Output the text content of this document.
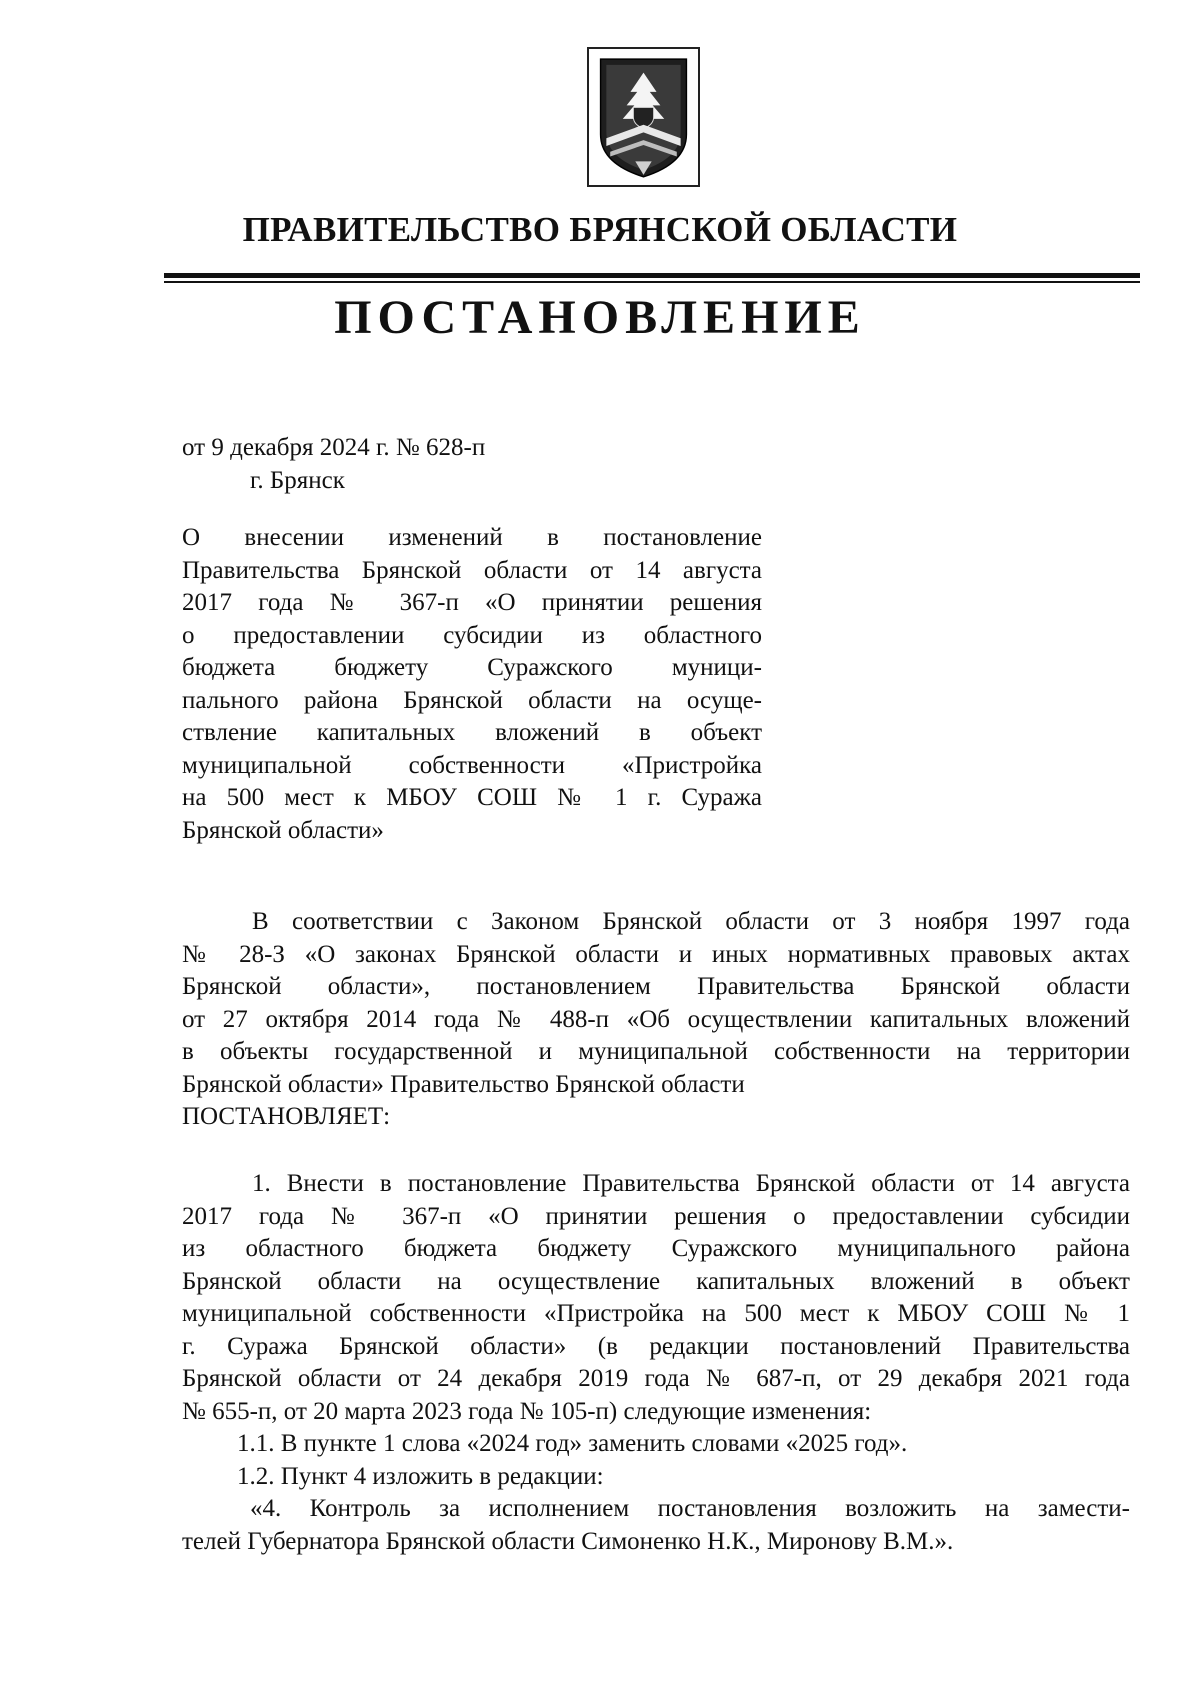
ПРАВИТЕЛЬСТВО БРЯНСКОЙ ОБЛАСТИ
ПОСТАНОВЛЕНИЕ

от 9 декабря 2024 г. № 628-п

г. Брянск

О внесении изменений в постановление
Правительства Брянской области от 14 августа
2017 года № 367-п «О принятии решения
о предоставлении субсидии из областного
бюджета бюджету Суражского муници-
пального района Брянской области на осуще-
ствление капитальных вложений в объект
муниципальной собственности «Пристройка
на 500 мест к МБОУ СОШ № 1 г. Суража
Брянской области»
В соответствии с Законом Брянской области от 3 ноября 1997 года
№ 28-З «О законах Брянской области и иных нормативных правовых актах
Брянской области», постановлением Правительства Брянской области
от 27 октября 2014 года № 488-п «Об осуществлении капитальных вложений
в объекты государственной и муниципальной собственности на территории
Брянской области» Правительство Брянской области
ПОСТАНОВЛЯЕТ:
1. Внести в постановление Правительства Брянской области от 14 августа
2017 года № 367-п «О принятии решения о предоставлении субсидии
из областного бюджета бюджету Суражского муниципального района
Брянской области на осуществление капитальных вложений в объект
муниципальной собственности «Пристройка на 500 мест к МБОУ СОШ № 1
г. Суража Брянской области» (в редакции постановлений Правительства
Брянской области от 24 декабря 2019 года № 687-п, от 29 декабря 2021 года
№ 655-п, от 20 марта 2023 года № 105-п) следующие изменения:
1.1. В пункте 1 слова «2024 год» заменить словами «2025 год».
1.2. Пункт 4 изложить в редакции:
«4. Контроль за исполнением постановления возложить на замести-
телей Губернатора Брянской области Симоненко Н.К., Миронову В.М.».
